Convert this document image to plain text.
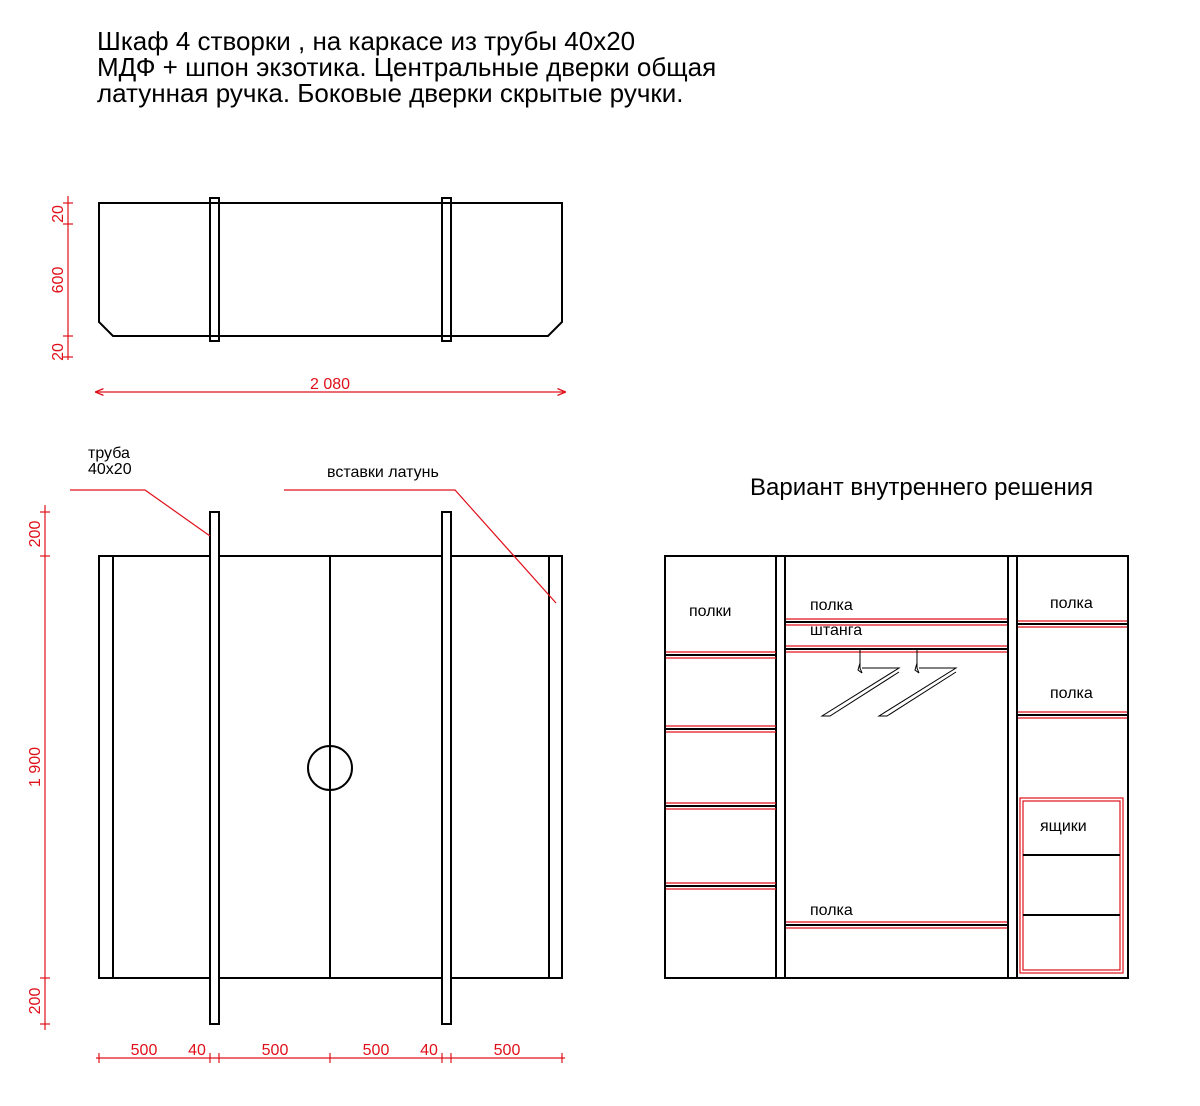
Шкаф 4 створки , на каркасе из трубы 40х20
МДФ + шпон экзотика. Центральные дверки общая
латунная ручка. Боковые дверки скрытые ручки.
20
600
20
2 080
труба
40х20	вставки латунь
200
1 900
200
500 40	500	500 40	500
Вариант внутреннего решения
полки	полка
штанга
полка
полка
ящики
полка
